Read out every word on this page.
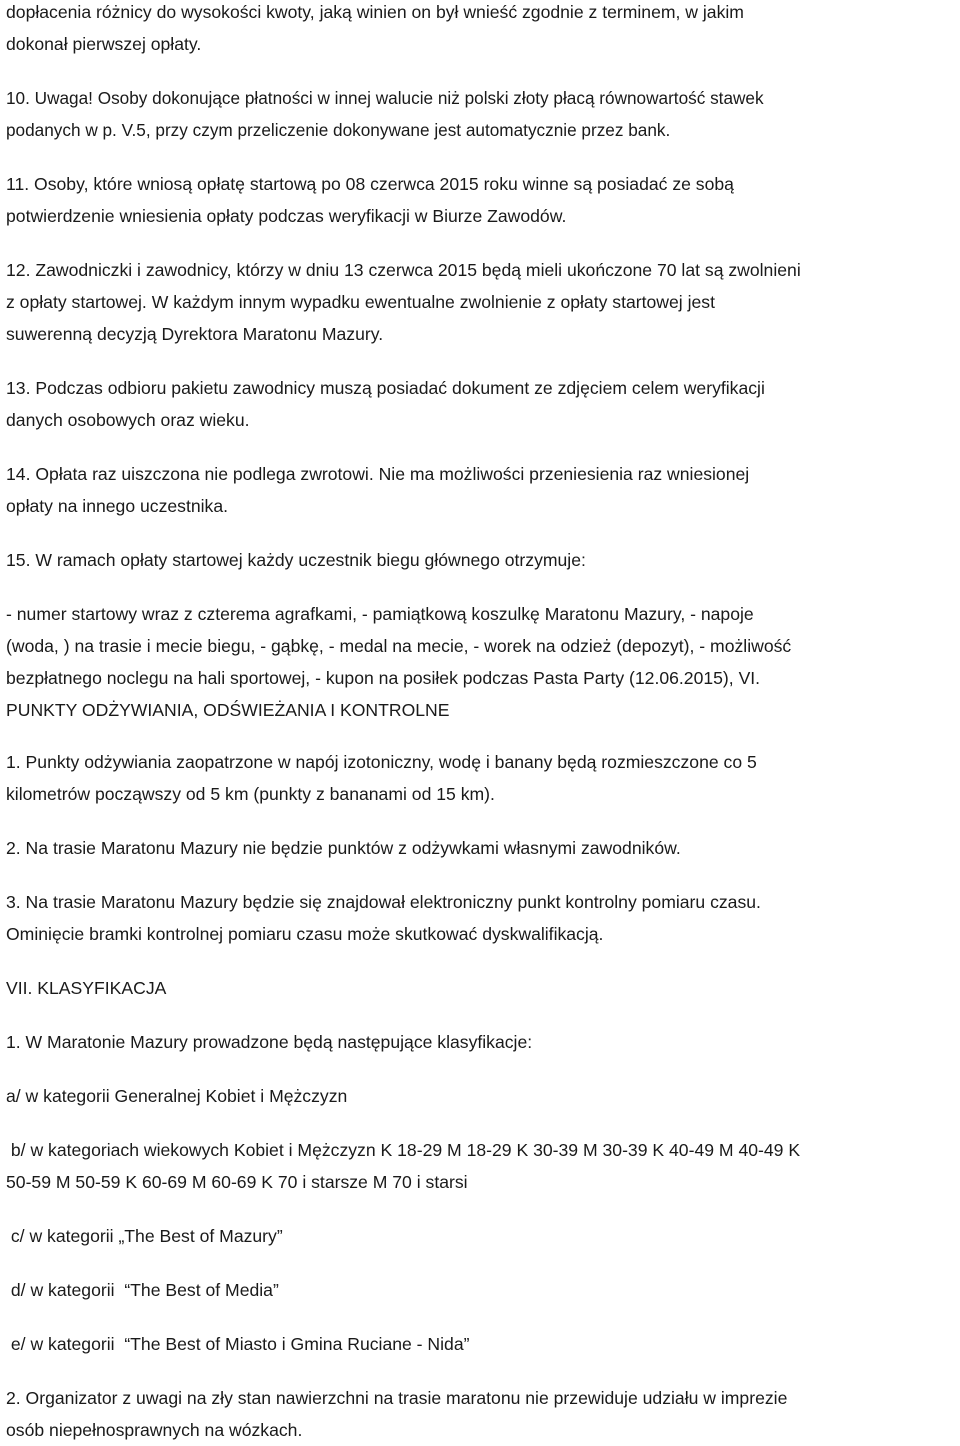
dopłacenia różnicy do wysokości kwoty, jaką winien on był wnieść zgodnie z terminem, w jakim
dokonał pierwszej opłaty.

10. Uwaga! Osoby dokonujące płatności w innej walucie niż polski złoty płacą równowartość stawek
podanych w p. V.5, przy czym przeliczenie dokonywane jest automatycznie przez bank.

11. Osoby, które wniosą opłatę startową po 08 czerwca 2015 roku winne są posiadać ze sobą
potwierdzenie wniesienia opłaty podczas weryfikacji w Biurze Zawodów.

12. Zawodniczki i zawodnicy, którzy w dniu 13 czerwca 2015 będą mieli ukończone 70 lat są zwolnieni
z opłaty startowej. W każdym innym wypadku ewentualne zwolnienie z opłaty startowej jest
suwerenną decyzją Dyrektora Maratonu Mazury.

13. Podczas odbioru pakietu zawodnicy muszą posiadać dokument ze zdjęciem celem weryfikacji
danych osobowych oraz wieku.

14. Opłata raz uiszczona nie podlega zwrotowi. Nie ma możliwości przeniesienia raz wniesionej
opłaty na innego uczestnika.

15. W ramach opłaty startowej każdy uczestnik biegu głównego otrzymuje:

- numer startowy wraz z czterema agrafkami, - pamiątkową koszulkę Maratonu Mazury, - napoje
(woda, ) na trasie i mecie biegu, - gąbkę, - medal na mecie, - worek na odzież (depozyt), - możliwość
bezpłatnego noclegu na hali sportowej, - kupon na posiłek podczas Pasta Party (12.06.2015), VI.
PUNKTY ODŻYWIANIA, ODŚWIEŻANIA I KONTROLNE

1. Punkty odżywiania zaopatrzone w napój izotoniczny, wodę i banany będą rozmieszczone co 5
kilometrów począwszy od 5 km (punkty z bananami od 15 km).

2. Na trasie Maratonu Mazury nie będzie punktów z odżywkami własnymi zawodników.

3. Na trasie Maratonu Mazury będzie się znajdował elektroniczny punkt kontrolny pomiaru czasu.
Ominięcie bramki kontrolnej pomiaru czasu może skutkować dyskwalifikacją.

VII. KLASYFIKACJA

1. W Maratonie Mazury prowadzone będą następujące klasyfikacje:

a/ w kategorii Generalnej Kobiet i Mężczyzn

b/ w kategoriach wiekowych Kobiet i Mężczyzn K 18-29 M 18-29 K 30-39 M 30-39 K 40-49 M 40-49 K
50-59 M 50-59 K 60-69 M 60-69 K 70 i starsze M 70 i starsi

c/ w kategorii „The Best of Mazury”

d/ w kategorii  “The Best of Media”

e/ w kategorii  “The Best of Miasto i Gmina Ruciane - Nida”

2. Organizator z uwagi na zły stan nawierzchni na trasie maratonu nie przewiduje udziału w imprezie
osób niepełnosprawnych na wózkach.
